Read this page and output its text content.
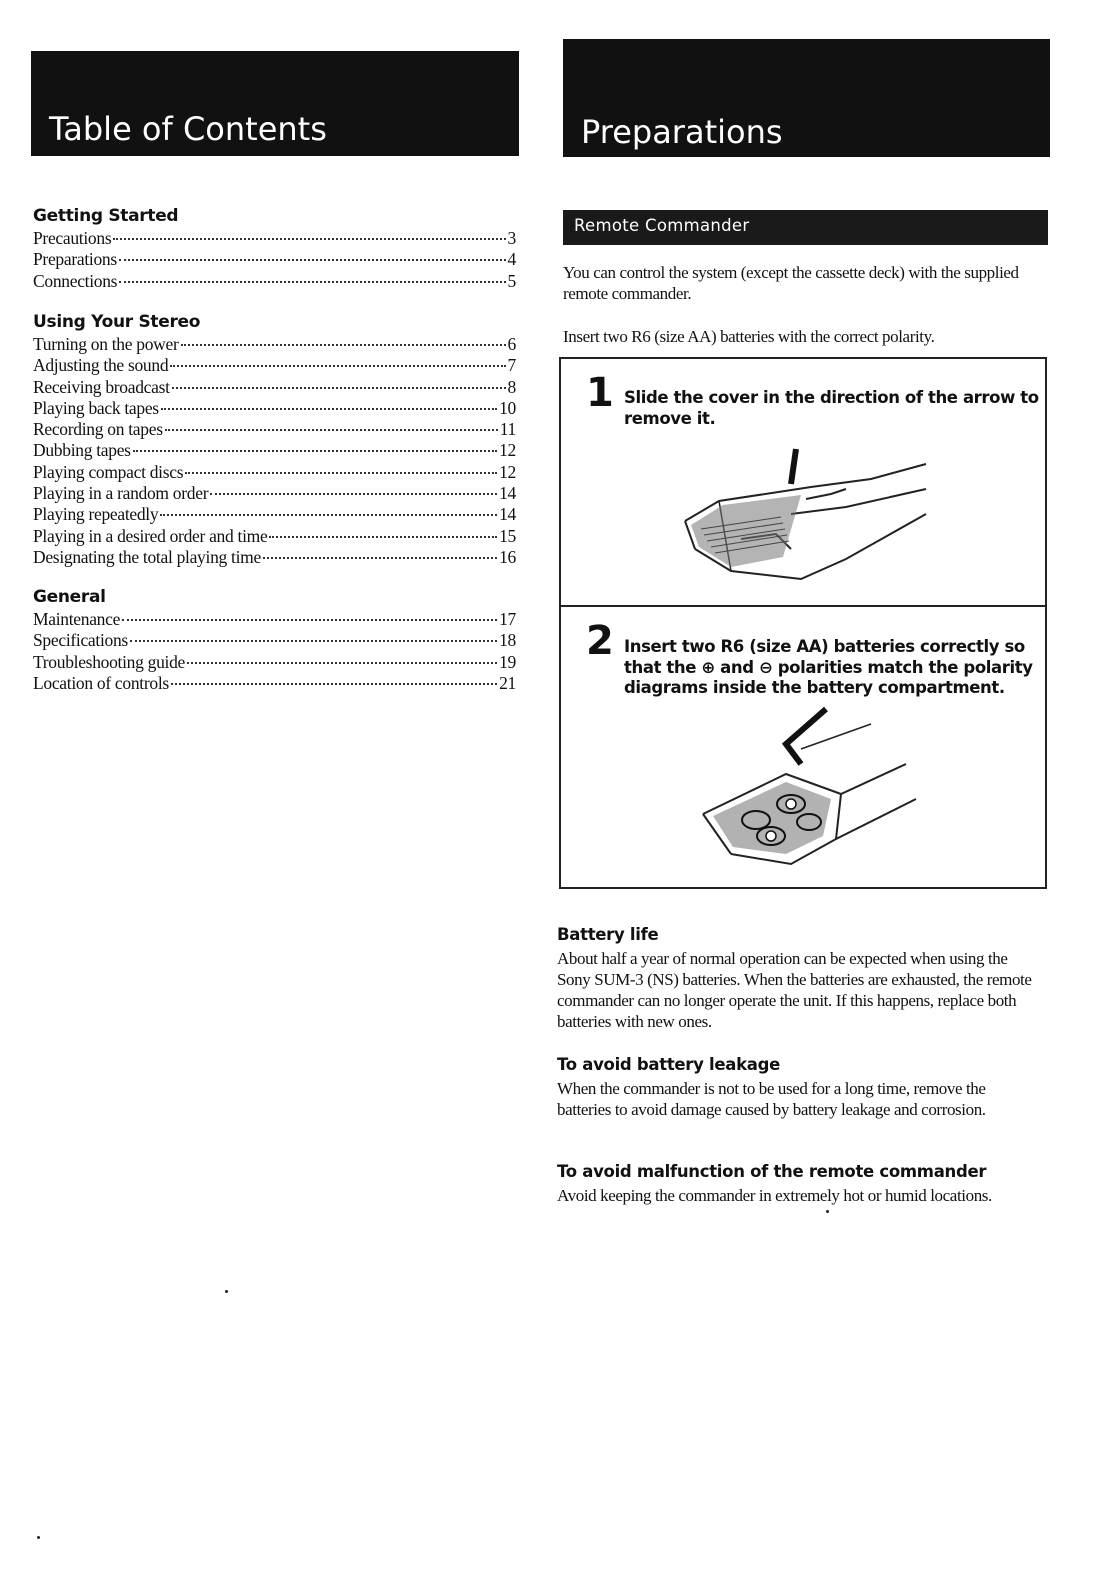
Table of Contents	Preparations
Getting Started
Precautions	3
Preparations	4
Connections	5
Using Your Stereo
Turning on the power	6
Adjusting the sound	7
Receiving broadcast	8
Playing back tapes	10
Recording on tapes	11
Dubbing tapes	12
Playing compact discs	12
Playing in a random order	14
Playing repeatedly	14
Playing in a desired order and time	15
Designating the total playing time	16
General
Maintenance	17
Specifications	18
Troubleshooting guide	19
Location of controls	21
Remote Commander

You can control the system (except the cassette deck) with the supplied remote commander.

Insert two R6 (size AA) batteries with the correct polarity.

1 Slide the cover in the direction of the arrow to remove it.
2 Insert two R6 (size AA) batteries correctly so that the ⊕ and ⊖ polarities match the polarity diagrams inside the battery compartment.

Battery life

About half a year of normal operation can be expected when using the Sony SUM-3 (NS) batteries. When the batteries are exhausted, the remote commander can no longer operate the unit. If this happens, replace both batteries with new ones.

To avoid battery leakage

When the commander is not to be used for a long time, remove the batteries to avoid damage caused by battery leakage and corrosion.

To avoid malfunction of the remote commander

Avoid keeping the commander in extremely hot or humid locations.
